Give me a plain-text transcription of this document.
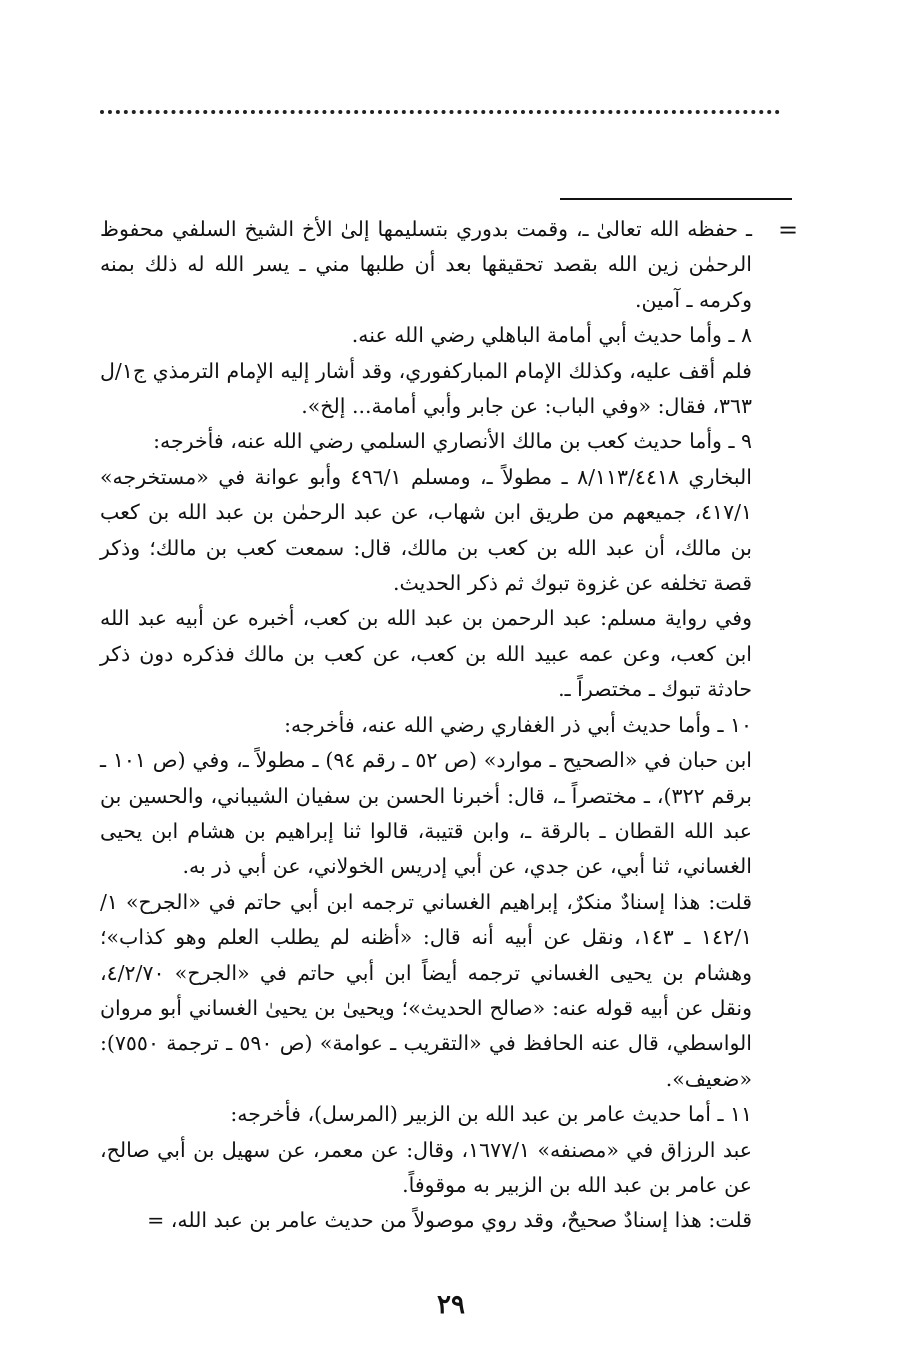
=

ـ حفظه الله تعالىٰ ـ، وقمت بدوري بتسليمها إلىٰ الأخ الشيخ السلفي محفوظ الرحمٰن زين الله بقصد تحقيقها بعد أن طلبها مني ـ يسر الله له ذلك بمنه وكرمه ـ آمين.

٨ ـ وأما حديث أبي أمامة الباهلي رضي الله عنه.

فلم أقف عليه، وكذلك الإمام المباركفوري، وقد أشار إليه الإمام الترمذي ج١/ل ٣٦٣، فقال: «وفي الباب: عن جابر وأبي أمامة... إلخ».

٩ ـ وأما حديث كعب بن مالك الأنصاري السلمي رضي الله عنه، فأخرجه:

البخاري ٨/١١٣/٤٤١٨ ـ مطولاً ـ، ومسلم ٤٩٦/١ وأبو عوانة في «مستخرجه» ٤١٧/١، جميعهم من طريق ابن شهاب، عن عبد الرحمٰن بن عبد الله بن كعب بن مالك، أن عبد الله بن كعب بن مالك، قال: سمعت كعب بن مالك؛ وذكر قصة تخلفه عن غزوة تبوك ثم ذكر الحديث.

وفي رواية مسلم: عبد الرحمن بن عبد الله بن كعب، أخبره عن أبيه عبد الله ابن كعب، وعن عمه عبيد الله بن كعب، عن كعب بن مالك فذكره دون ذكر حادثة تبوك ـ مختصراً ـ.

١٠ ـ وأما حديث أبي ذر الغفاري رضي الله عنه، فأخرجه:

ابن حبان في «الصحيح ـ موارد» (ص ٥٢ ـ رقم ٩٤) ـ مطولاً ـ، وفي (ص ١٠١ ـ برقم ٣٢٢)، ـ مختصراً ـ، قال: أخبرنا الحسن بن سفيان الشيباني، والحسين بن عبد الله القطان ـ بالرقة ـ، وابن قتيبة، قالوا ثنا إبراهيم بن هشام ابن يحيى الغساني، ثنا أبي، عن جدي، عن أبي إدريس الخولاني، عن أبي ذر به.

قلت: هذا إسنادٌ منكرٌ، إبراهيم الغساني ترجمه ابن أبي حاتم في «الجرح» ١/ ١٤٢/١ ـ ١٤٣، ونقل عن أبيه أنه قال: «أظنه لم يطلب العلم وهو كذاب»؛ وهشام بن يحيى الغساني ترجمه أيضاً ابن أبي حاتم في «الجرح» ٤/٢/٧٠، ونقل عن أبيه قوله عنه: «صالح الحديث»؛ ويحيىٰ بن يحيىٰ الغساني أبو مروان الواسطي، قال عنه الحافظ في «التقريب ـ عوامة» (ص ٥٩٠ ـ ترجمة ٧٥٥٠): «ضعيف».

١١ ـ أما حديث عامر بن عبد الله بن الزبير (المرسل)، فأخرجه:

عبد الرزاق في «مصنفه» ١٦٧٧/١، وقال: عن معمر، عن سهيل بن أبي صالح، عن عامر بن عبد الله بن الزبير به موقوفاً.

قلت: هذا إسنادٌ صحيحٌ، وقد روي موصولاً من حديث عامر بن عبد الله، =

٢٩
